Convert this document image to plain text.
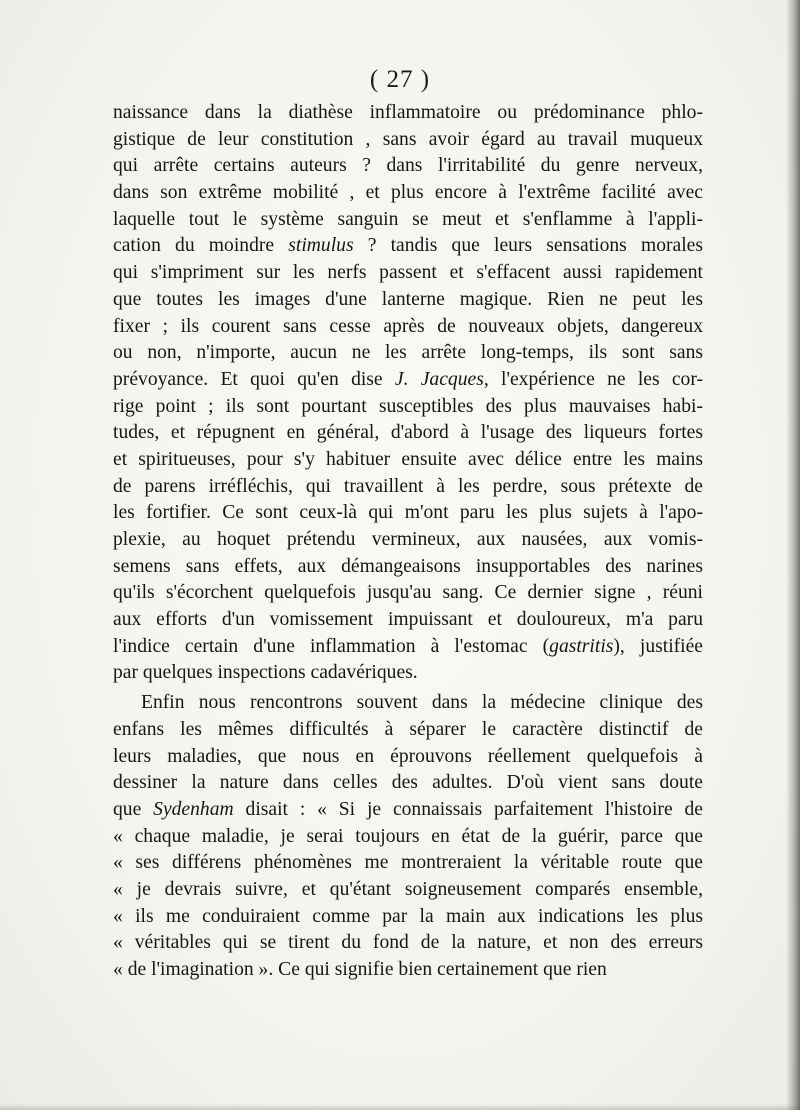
( 27 )
naissance dans la diathèse inflammatoire ou prédominance phlo-
gistique de leur constitution , sans avoir égard au travail muqueux
qui arrête certains auteurs ? dans l'irritabilité du genre nerveux,
dans son extrême mobilité , et plus encore à l'extrême facilité avec
laquelle tout le système sanguin se meut et s'enflamme à l'appli-
cation du moindre stimulus ? tandis que leurs sensations morales
qui s'impriment sur les nerfs passent et s'effacent aussi rapidement
que toutes les images d'une lanterne magique. Rien ne peut les
fixer ; ils courent sans cesse après de nouveaux objets, dangereux
ou non, n'importe, aucun ne les arrête long-temps, ils sont sans
prévoyance. Et quoi qu'en dise J. Jacques, l'expérience ne les cor-
rige point ; ils sont pourtant susceptibles des plus mauvaises habi-
tudes, et répugnent en général, d'abord à l'usage des liqueurs fortes
et spiritueuses, pour s'y habituer ensuite avec délice entre les mains
de parens irréfléchis, qui travaillent à les perdre, sous prétexte de
les fortifier. Ce sont ceux-là qui m'ont paru les plus sujets à l'apo-
plexie, au hoquet prétendu vermineux, aux nausées, aux vomis-
semens sans effets, aux démangeaisons insupportables des narines
qu'ils s'écorchent quelquefois jusqu'au sang. Ce dernier signe , réuni
aux efforts d'un vomissement impuissant et douloureux, m'a paru
l'indice certain d'une inflammation à l'estomac (gastritis), justifiée
par quelques inspections cadavériques.
Enfin nous rencontrons souvent dans la médecine clinique des
enfans les mêmes difficultés à séparer le caractère distinctif de
leurs maladies, que nous en éprouvons réellement quelquefois à
dessiner la nature dans celles des adultes. D'où vient sans doute
que Sydenham disait : « Si je connaissais parfaitement l'histoire de
« chaque maladie, je serai toujours en état de la guérir, parce que
« ses différens phénomènes me montreraient la véritable route que
« je devrais suivre, et qu'étant soigneusement comparés ensemble,
« ils me conduiraient comme par la main aux indications les plus
« véritables qui se tirent du fond de la nature, et non des erreurs
« de l'imagination ». Ce qui signifie bien certainement que rien
